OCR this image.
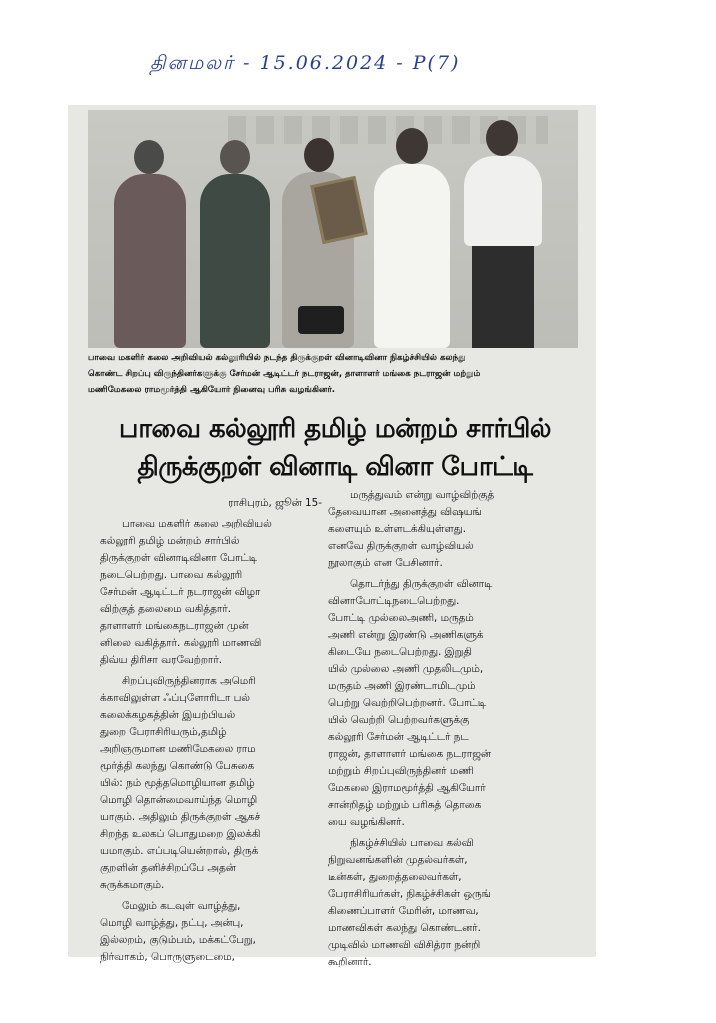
தினமலர் - 15.06.2024 - P(7)
பாவை மகளிர் கலை அறிவியல் கல்லூரியில் நடந்த திருக்குறள் வினாடிவினா நிகழ்ச்சியில் கலந்து
கொண்ட சிறப்பு விருந்தினர்களுக்கு சேர்மன் ஆடிட்டர் நடராஜன், தாளாளர் மங்கை நடராஜன் மற்றும்
மணிமேகலை ராமமூர்த்தி ஆகியோர் நினைவு பரிசு வழங்கினர்.
பாவை கல்லூரி தமிழ் மன்றம் சார்பில்
திருக்குறள் வினாடி வினா போட்டி
ராசிபுரம், ஜூன் 15-

பாவை மகளிர் கலை அறிவியல்
கல்லூரி தமிழ் மன்றம் சார்பில்
திருக்குறள் வினாடிவினா போட்டி
நடைபெற்றது. பாவை கல்லூரி
சேர்மன் ஆடிட்டர் நடராஜன் விழா
விற்குத் தலைமை வகித்தார்.
தாளாளர் மங்கைநடராஜன் முன்
னிலை வகித்தார். கல்லூரி மாணவி
திவ்ய திரிசா வரவேற்றார்.

சிறப்புவிருந்தினராக அமெரி
க்காவிலுள்ள ஃப்புளோரிடா பல்
கலைக்கழகத்தின் இயற்பியல்
துறை பேராசிரியரும்,தமிழ்
அறிஞருமான மணிமேகலை ராம
மூர்த்தி கலந்து கொண்டு பேசுகை
யில்: நம் மூத்தமொழியான தமிழ்
மொழி தொன்மைவாய்ந்த மொழி
யாகும். அதிலும் திருக்குறள் ஆகச்
சிறந்த உலகப் பொதுமறை இலக்கி
யமாகும். எப்படியென்றால், திருக்
குறளின் தனிச்சிறப்பே அதன்
சுருக்கமாகும்.

மேலும் கடவுள் வாழ்த்து,
மொழி வாழ்த்து, நட்பு, அன்பு,
இல்லறம், குடும்பம், மக்கட்பேறு,
நிர்வாகம், பொருளுடைமை,

மருத்துவம் என்று வாழ்விற்குத்
தேவையான அனைத்து விஷயங்
களையும் உள்ளடக்கியுள்ளது.
எனவே திருக்குறள் வாழ்வியல்
நூலாகும் என பேசினார்.

தொடர்ந்து திருக்குறள் வினாடி
வினாபோட்டிநடைபெற்றது.
போட்டி முல்லைஅணி, மருதம்
அணி என்று இரண்டு அணிகளுக்
கிடையே நடைபெற்றது. இறுதி
யில் முல்லை அணி முதலிடமும்,
மருதம் அணி இரண்டாமிடமும்
பெற்று வெற்றிபெற்றனர். போட்டி
யில் வெற்றி பெற்றவர்களுக்கு
கல்லூரி சேர்மன் ஆடிட்டர் நட
ராஜன், தாளாளர் மங்கை நடராஜன்
மற்றும் சிறப்புவிருந்தினர் மணி
மேகலை இராமமூர்த்தி ஆகியோர்
சான்றிதழ் மற்றும் பரிசுத் தொகை
யை வழங்கினர்.

நிகழ்ச்சியில் பாவை கல்வி
நிறுவனங்களின் முதல்வர்கள்,
டீன்கள், துறைத்தலைவர்கள்,
பேராசிரியர்கள், நிகழ்ச்சிகள் ஒருங்
கிணைப்பாளர் மேரின், மாணவ,
மாணவிகள் கலந்து கொண்டனர்.
முடிவில் மாணவி விசித்ரா நன்றி
கூறினார்.
